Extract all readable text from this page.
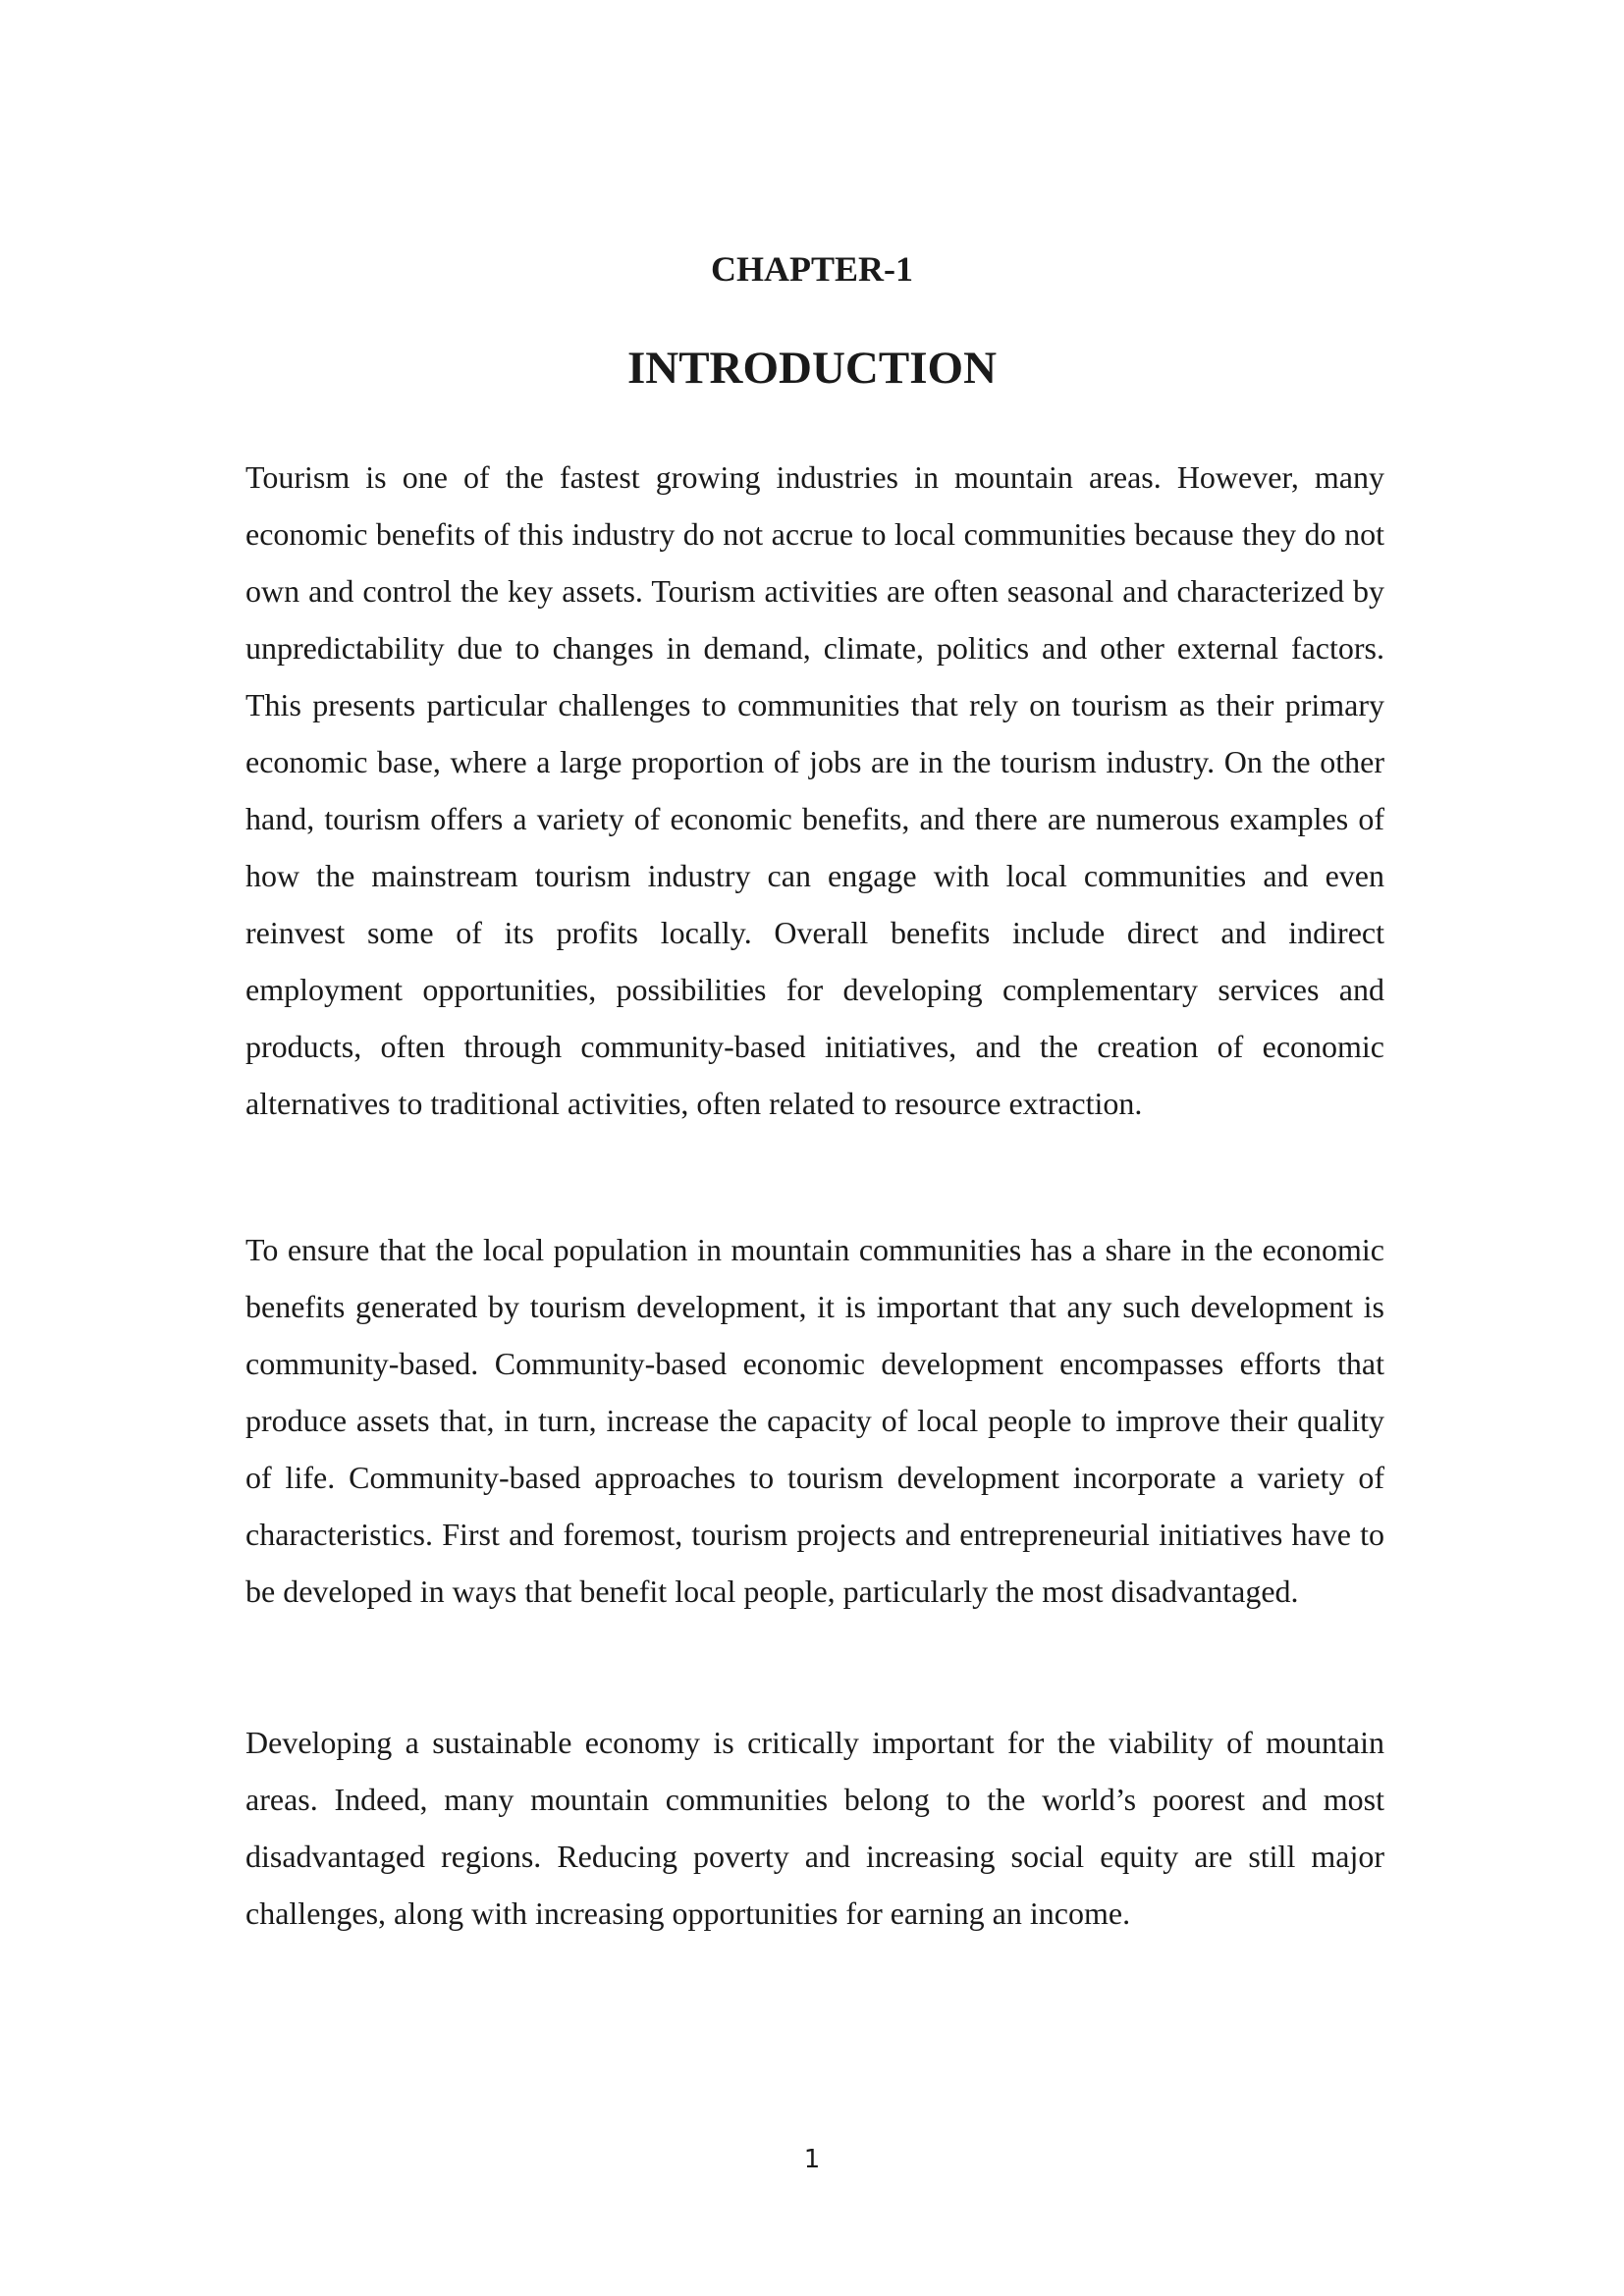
CHAPTER-1
INTRODUCTION

Tourism is one of the fastest growing industries in mountain areas. However, many economic benefits of this industry do not accrue to local communities because they do not own and control the key assets. Tourism activities are often seasonal and characterized by unpredictability due to changes in demand, climate, politics and other external factors. This presents particular challenges to communities that rely on tourism as their primary economic base, where a large proportion of jobs are in the tourism industry. On the other hand, tourism offers a variety of economic benefits, and there are numerous examples of how the mainstream tourism industry can engage with local communities and even reinvest some of its profits locally. Overall benefits include direct and indirect employment opportunities, possibilities for developing complementary services and products, often through community-based initiatives, and the creation of economic alternatives to traditional activities, often related to resource extraction.

To ensure that the local population in mountain communities has a share in the economic benefits generated by tourism development, it is important that any such development is community-based. Community-based economic development encompasses efforts that produce assets that, in turn, increase the capacity of local people to improve their quality of life. Community-based approaches to tourism development incorporate a variety of characteristics. First and foremost, tourism projects and entrepreneurial initiatives have to be developed in ways that benefit local people, particularly the most disadvantaged.

Developing a sustainable economy is critically important for the viability of mountain areas. Indeed, many mountain communities belong to the world’s poorest and most disadvantaged regions. Reducing poverty and increasing social equity are still major challenges, along with increasing opportunities for earning an income.

1
